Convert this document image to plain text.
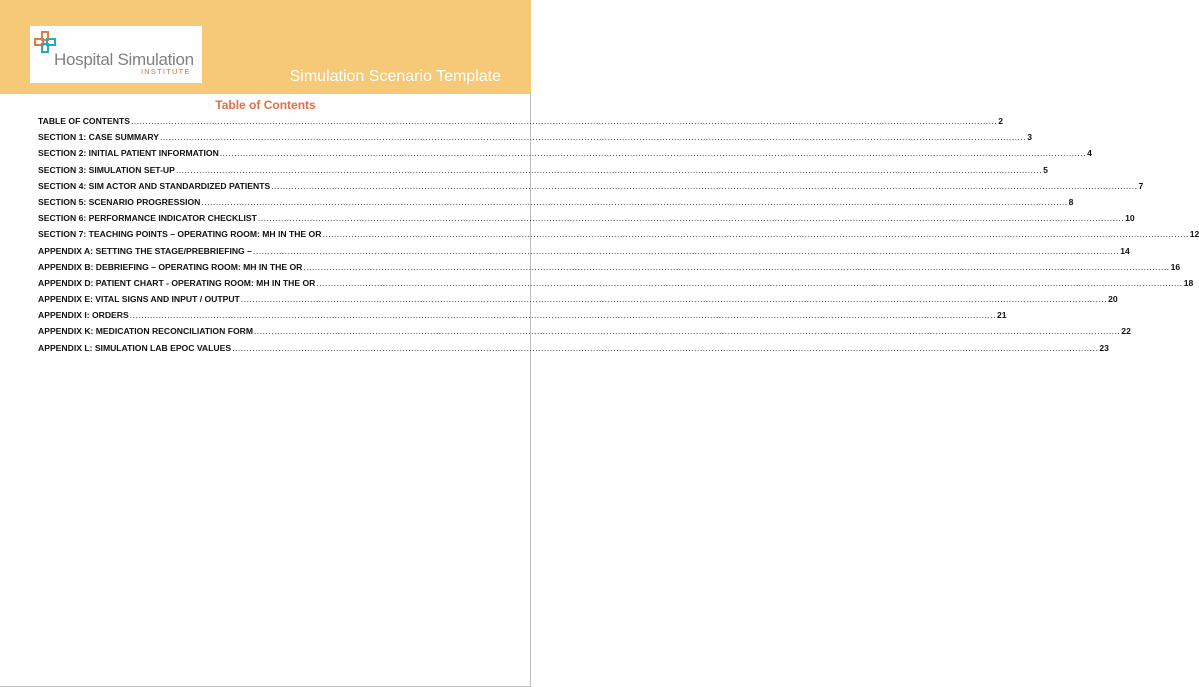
Hospital Simulation
INSTITUTE	Simulation Scenario Template
Table of Contents
TABLE OF CONTENTS ............................................................................................................................................................................................................................................................................................................ 2
SECTION 1: CASE SUMMARY ............................................................................................................................................................................................................................................................................................................ 3
SECTION 2: INITIAL PATIENT INFORMATION ............................................................................................................................................................................................................................................................................................................ 4
SECTION 3: SIMULATION SET-UP ............................................................................................................................................................................................................................................................................................................ 5
SECTION 4: SIM ACTOR AND STANDARDIZED PATIENTS ............................................................................................................................................................................................................................................................................................................ 7
SECTION 5: SCENARIO PROGRESSION ............................................................................................................................................................................................................................................................................................................ 8
SECTION 6: PERFORMANCE INDICATOR CHECKLIST ............................................................................................................................................................................................................................................................................................................ 10
SECTION 7: TEACHING POINTS – OPERATING ROOM: MH IN THE OR ............................................................................................................................................................................................................................................................................................................ 12
APPENDIX A: SETTING THE STAGE/PREBRIEFING – ............................................................................................................................................................................................................................................................................................................ 14
APPENDIX B: DEBRIEFING – OPERATING ROOM: MH IN THE OR ............................................................................................................................................................................................................................................................................................................ 16
APPENDIX D: PATIENT CHART - OPERATING ROOM: MH IN THE OR ............................................................................................................................................................................................................................................................................................................ 18
APPENDIX E: VITAL SIGNS AND INPUT / OUTPUT ............................................................................................................................................................................................................................................................................................................ 20
APPENDIX I: ORDERS ............................................................................................................................................................................................................................................................................................................ 21
APPENDIX K: MEDICATION RECONCILIATION FORM ............................................................................................................................................................................................................................................................................................................ 22
APPENDIX L: SIMULATION LAB EPOC VALUES ............................................................................................................................................................................................................................................................................................................ 23
